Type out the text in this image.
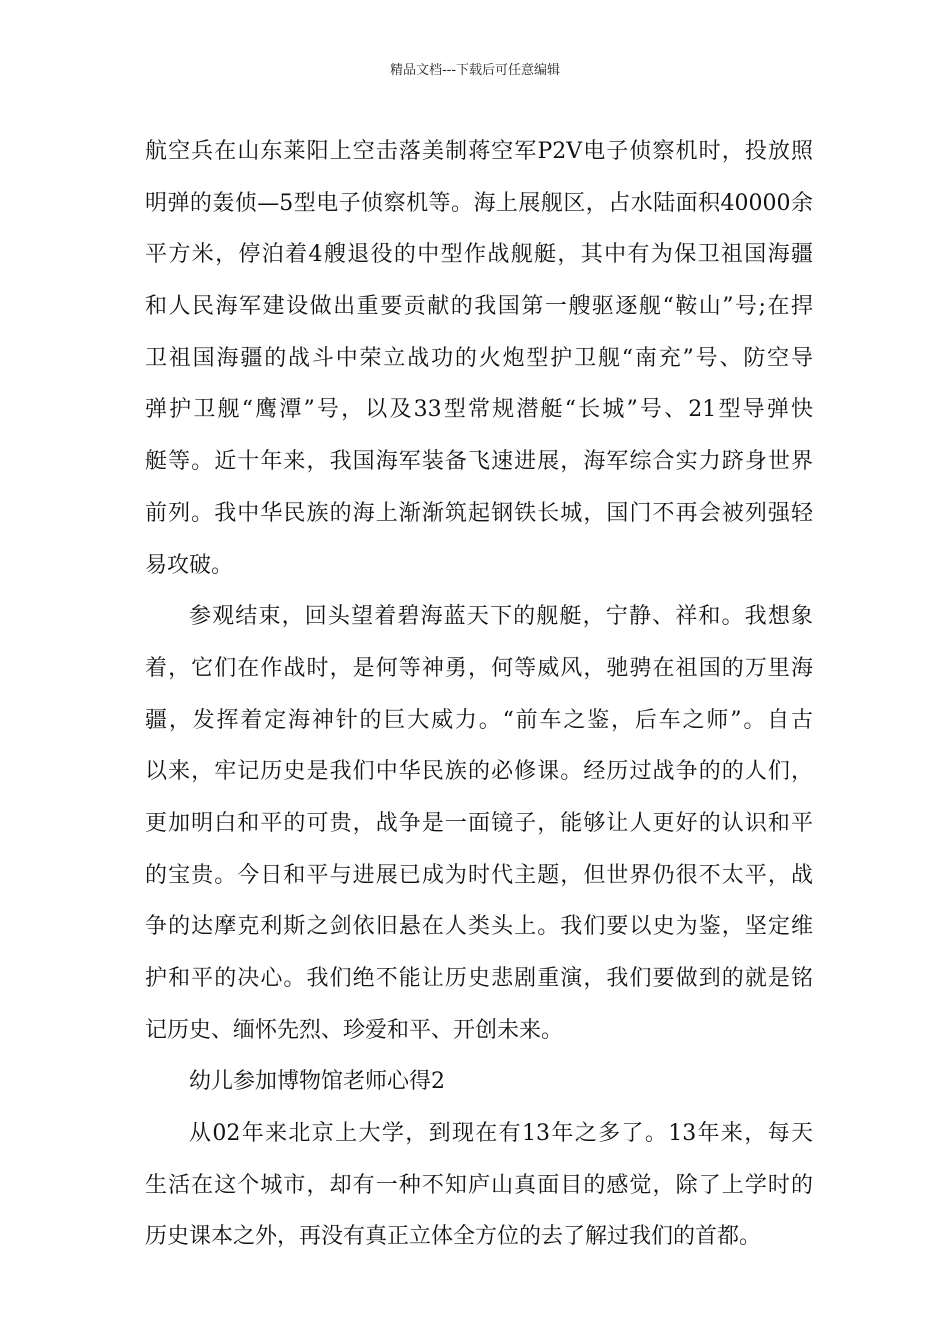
精品文档---下载后可任意编辑
航空兵在山东莱阳上空击落美制蒋空军P2V电子侦察机时，投放照
明弹的轰侦—5型电子侦察机等。海上展舰区，占水陆面积40000余
平方米，停泊着4艘退役的中型作战舰艇，其中有为保卫祖国海疆
和人民海军建设做出重要贡献的我国第一艘驱逐舰“鞍山”号;在捍
卫祖国海疆的战斗中荣立战功的火炮型护卫舰“南充”号、防空导
弹护卫舰“鹰潭”号，以及33型常规潜艇“长城”号、21型导弹快
艇等。近十年来，我国海军装备飞速进展，海军综合实力跻身世界
前列。我中华民族的海上渐渐筑起钢铁长城，国门不再会被列强轻
易攻破。
参观结束，回头望着碧海蓝天下的舰艇，宁静、祥和。我想象
着，它们在作战时，是何等神勇，何等威风，驰骋在祖国的万里海
疆，发挥着定海神针的巨大威力。“前车之鉴，后车之师”。自古
以来，牢记历史是我们中华民族的必修课。经历过战争的的人们，
更加明白和平的可贵，战争是一面镜子，能够让人更好的认识和平
的宝贵。今日和平与进展已成为时代主题，但世界仍很不太平，战
争的达摩克利斯之剑依旧悬在人类头上。我们要以史为鉴，坚定维
护和平的决心。我们绝不能让历史悲剧重演，我们要做到的就是铭
记历史、缅怀先烈、珍爱和平、开创未来。
幼儿参加博物馆老师心得2
从02年来北京上大学，到现在有13年之多了。13年来，每天
生活在这个城市，却有一种不知庐山真面目的感觉，除了上学时的
历史课本之外，再没有真正立体全方位的去了解过我们的首都。
